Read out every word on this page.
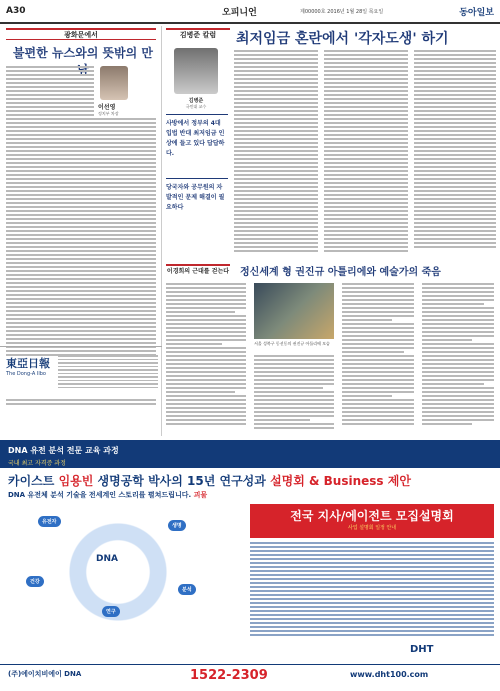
A30	오피니언	제00000호 2016년 1월 28일 목요일	동아일보
광화문에서
불편한 뉴스와의 뜻밖의 만
이선영
정치부 차장
東亞日報
The Dong-A Ilbo
김병준 칼럼	최저임금 혼란에서 '각자도생' 하기
김병준
국민대 교수
사방에서 정부의 4대 입법 반대 최저임금 인상에 들고 있다 답답하다.
당국자와 공무원의 자발적인 문제 해결이 필요하다
이경희의 근대를 걷는다 정신세계 형 권진규 아틀리에와 예술가의 죽음
서울 성북구 동선동의 권진규 아틀리에 모습
DNA 유전 분석 전문 교육 과정
국내 최고 자격증 과정
카이스트 임용빈 생명공학 박사의 15년 연구성과 설명회 & Business 제안
DNA 유전체 분석 기술을 전세계인 스토리를 펼쳐드립니다. 괴물
DNA
유전자
생명
건강
분석
연구
전국 지사/에이전트 모집설명회
사업 설명회 일정 안내
DHT
(주)에이치비에이 DNA	1522-2309	www.dht100.com
